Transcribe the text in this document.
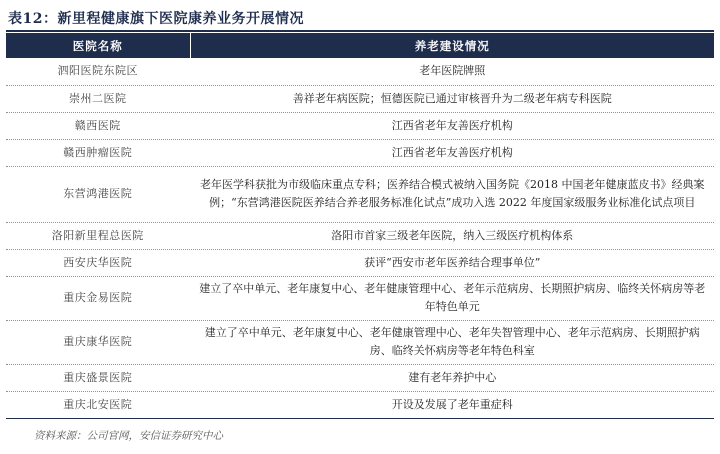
表12：新里程健康旗下医院康养业务开展情况
医院名称	养老建设情况
泗阳医院东院区	老年医院牌照
崇州二医院	善祥老年病医院；恒德医院已通过审核晋升为二级老年病专科医院
赣西医院	江西省老年友善医疗机构
赣西肿瘤医院	江西省老年友善医疗机构
东营鸿港医院	老年医学科获批为市级临床重点专科；医养结合模式被纳入国务院《2018 中国老年健康蓝皮书》经典案例；“东营鸿港医院医养结合养老服务标准化试点”成功入选 2022 年度国家级服务业标准化试点项目
洛阳新里程总医院	洛阳市首家三级老年医院，纳入三级医疗机构体系
西安庆华医院	获评“西安市老年医养结合理事单位”
重庆金易医院	建立了卒中单元、老年康复中心、老年健康管理中心、老年示范病房、长期照护病房、临终关怀病房等老年特色单元
重庆康华医院	建立了卒中单元、老年康复中心、老年健康管理中心、老年失智管理中心、老年示范病房、长期照护病房、临终关怀病房等老年特色科室
重庆盛景医院	建有老年养护中心
重庆北安医院	开设及发展了老年重症科
资料来源：公司官网，安信证券研究中心
